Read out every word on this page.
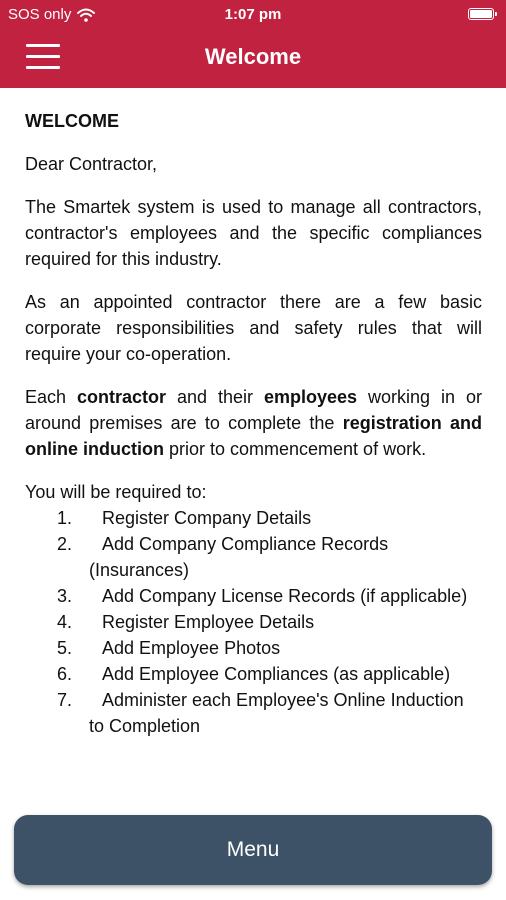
SOS only	1:07 pm
Welcome
WELCOME
Dear Contractor,
The Smartek system is used to manage all contractors, contractor's employees and the specific compliances required for this industry.
As an appointed contractor there are a few basic corporate responsibilities and safety rules that will require your co-operation.
Each contractor and their employees working in or around premises are to complete the registration and online induction prior to commencement of work.
You will be required to:
1. Register Company Details
2. Add Company Compliance Records (Insurances)
3. Add Company License Records (if applicable)
4. Register Employee Details
5. Add Employee Photos
6. Add Employee Compliances (as applicable)
7. Administer each Employee's Online Induction to Completion
Menu
